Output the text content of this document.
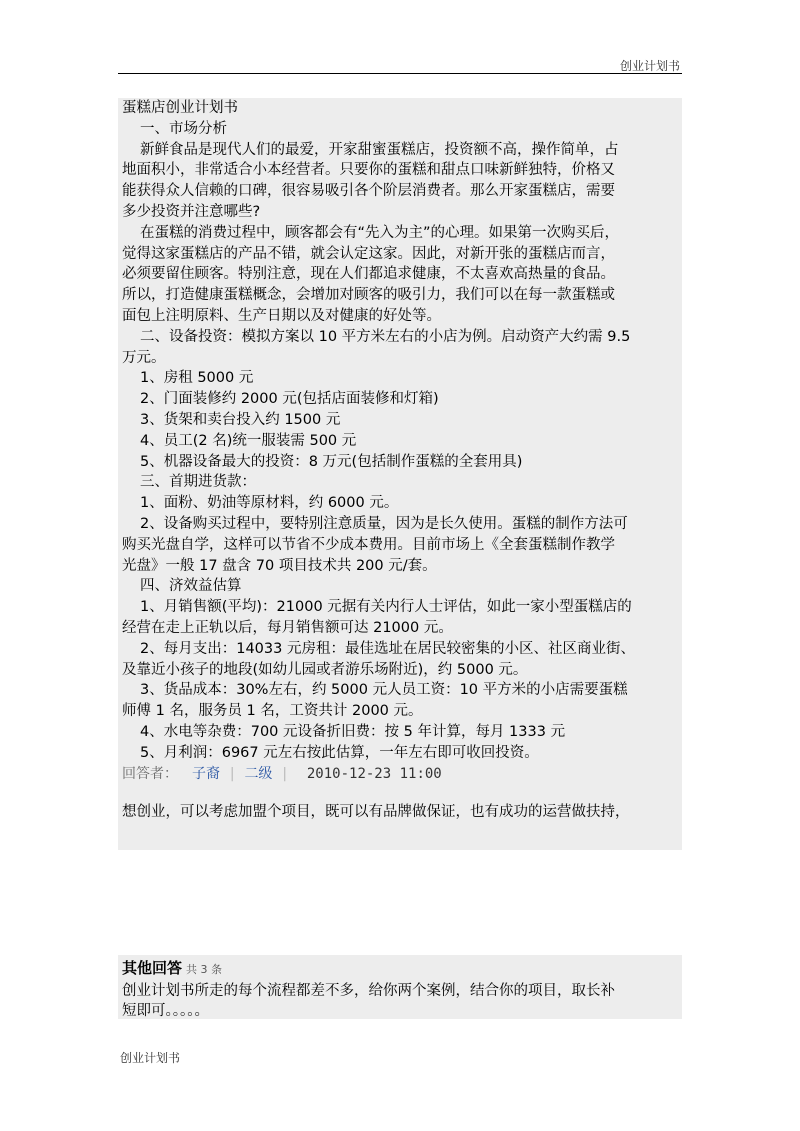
创业计划书
蛋糕店创业计划书
一、市场分析
新鲜食品是现代人们的最爱，开家甜蜜蛋糕店，投资额不高，操作简单，占
地面积小，非常适合小本经营者。只要你的蛋糕和甜点口味新鲜独特，价格又
能获得众人信赖的口碑，很容易吸引各个阶层消费者。那么开家蛋糕店，需要
多少投资并注意哪些?
在蛋糕的消费过程中，顾客都会有“先入为主”的心理。如果第一次购买后，
觉得这家蛋糕店的产品不错，就会认定这家。因此，对新开张的蛋糕店而言，
必须要留住顾客。特别注意，现在人们都追求健康，不太喜欢高热量的食品。
所以，打造健康蛋糕概念，会增加对顾客的吸引力，我们可以在每一款蛋糕或
面包上注明原料、生产日期以及对健康的好处等。
二、设备投资：模拟方案以 10 平方米左右的小店为例。启动资产大约需 9.5
万元。
1、房租 5000 元
2、门面装修约 2000 元(包括店面装修和灯箱)
3、货架和卖台投入约 1500 元
4、员工(2 名)统一服装需 500 元
5、机器设备最大的投资：8 万元(包括制作蛋糕的全套用具)
三、首期进货款：
1、面粉、奶油等原材料，约 6000 元。
2、设备购买过程中，要特别注意质量，因为是长久使用。蛋糕的制作方法可
购买光盘自学，这样可以节省不少成本费用。目前市场上《全套蛋糕制作教学
光盘》一般 17 盘含 70 项目技术共 200 元/套。
四、济效益估算
1、月销售额(平均)：21000 元据有关内行人士评估，如此一家小型蛋糕店的
经营在走上正轨以后，每月销售额可达 21000 元。
2、每月支出：14033 元房租：最佳选址在居民较密集的小区、社区商业街、
及靠近小孩子的地段(如幼儿园或者游乐场附近)，约 5000 元。
3、货品成本：30%左右，约 5000 元人员工资：10 平方米的小店需要蛋糕
师傅 1 名，服务员 1 名，工资共计 2000 元。
4、水电等杂费：700 元设备折旧费：按 5 年计算，每月 1333 元
5、月利润：6967 元左右按此估算，一年左右即可收回投资。
回答者： 子裔 | 二级 | 2010-12-23 11:00
想创业，可以考虑加盟个项目，既可以有品牌做保证，也有成功的运营做扶持，
其他回答 共 3 条
创业计划书所走的每个流程都差不多，给你两个案例，结合你的项目，取长补
短即可。。。。。
创业计划书
